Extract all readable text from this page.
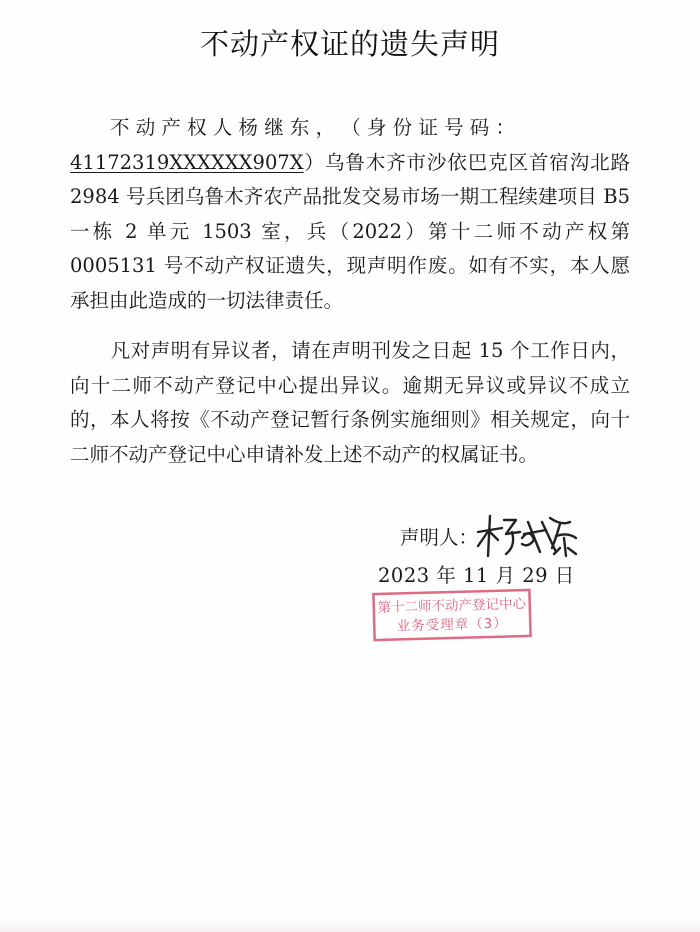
不动产权证的遗失声明
不 动 产 权 人 杨 继 东 ， （ 身 份 证 号 码 ：
41172319XXXXXX907X）乌鲁木齐市沙依巴克区首宿沟北路 2984 号兵团乌鲁木齐农产品批发交易市场一期工程续建项目 B5 一栋 2 单元 1503 室，兵（2022）第十二师不动产权第 0005131 号不动产权证遗失，现声明作废。如有不实，本人愿承担由此造成的一切法律责任。
凡对声明有异议者，请在声明刊发之日起 15 个工作日内，向十二师不动产登记中心提出异议。逾期无异议或异议不成立的，本人将按《不动产登记暂行条例实施细则》相关规定，向十二师不动产登记中心申请补发上述不动产的权属证书。
声明人：
2023 年 11 月 29 日
第十二师不动产登记中心
业务受理章（3）
